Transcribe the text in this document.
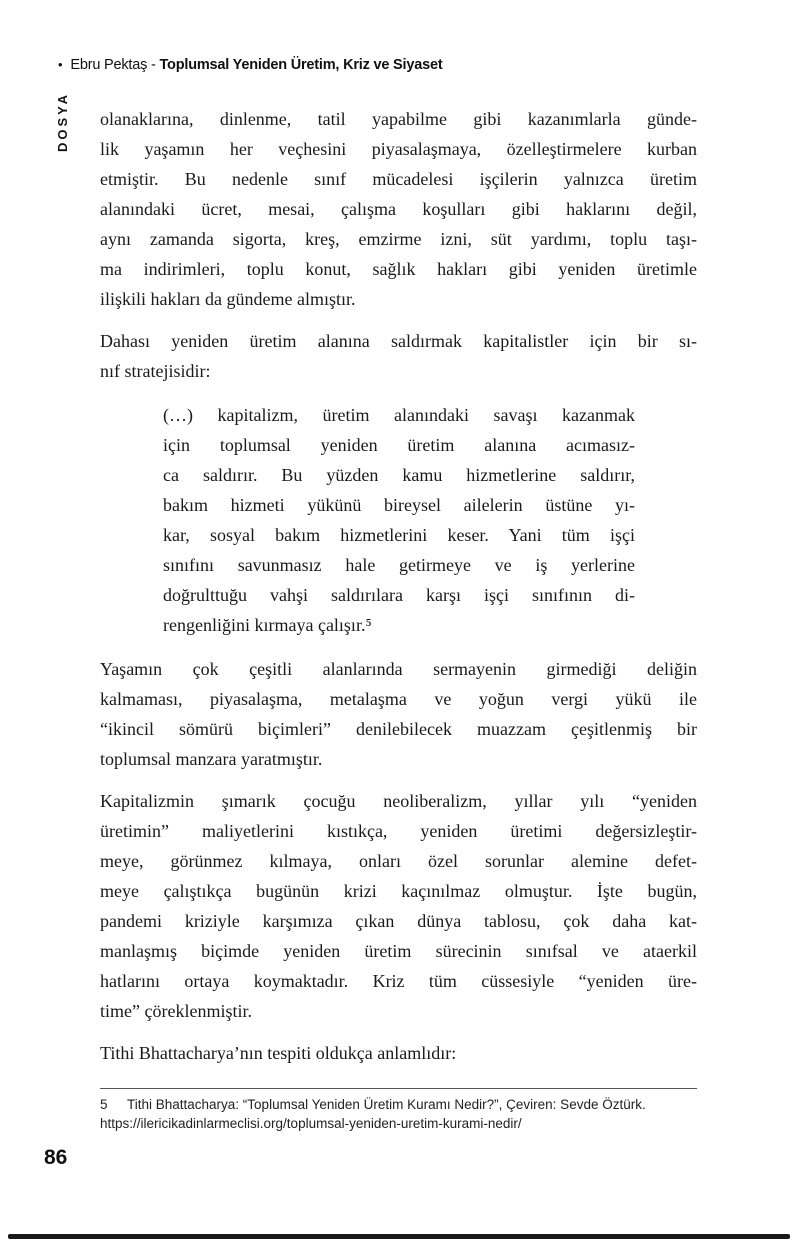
• Ebru Pektaş - Toplumsal Yeniden Üretim, Kriz ve Siyaset
DOSYA olanaklarına, dinlenme, tatil yapabilme gibi kazanımlarla günde-
lik yaşamın her veçhesini piyasalaşmaya, özelleştirmelere kurban
etmiştir. Bu nedenle sınıf mücadelesi işçilerin yalnızca üretim
alanındaki ücret, mesai, çalışma koşulları gibi haklarını değil,
aynı zamanda sigorta, kreş, emzirme izni, süt yardımı, toplu taşı-
ma indirimleri, toplu konut, sağlık hakları gibi yeniden üretimle
ilişkili hakları da gündeme almıştır.
Dahası yeniden üretim alanına saldırmak kapitalistler için bir sı-
nıf stratejisidir:
(…) kapitalizm, üretim alanındaki savaşı kazanmak
için toplumsal yeniden üretim alanına acımasız-
ca saldırır. Bu yüzden kamu hizmetlerine saldırır,
bakım hizmeti yükünü bireysel ailelerin üstüne yı-
kar, sosyal bakım hizmetlerini keser. Yani tüm işçi
sınıfını savunmasız hale getirmeye ve iş yerlerine
doğrulttuğu vahşi saldırılara karşı işçi sınıfının di-
rengenliğini kırmaya çalışır.⁵
Yaşamın çok çeşitli alanlarında sermayenin girmediği deliğin
kalmaması, piyasalaşma, metalaşma ve yoğun vergi yükü ile
“ikincil sömürü biçimleri” denilebilecek muazzam çeşitlenmiş bir
toplumsal manzara yaratmıştır.
Kapitalizmin şımarık çocuğu neoliberalizm, yıllar yılı “yeniden
üretimin” maliyetlerini kıstıkça, yeniden üretimi değersizleştir-
meye, görünmez kılmaya, onları özel sorunlar alemine defet-
meye çalıştıkça bugünün krizi kaçınılmaz olmuştur. İşte bugün,
pandemi kriziyle karşımıza çıkan dünya tablosu, çok daha kat-
manlaşmış biçimde yeniden üretim sürecinin sınıfsal ve ataerkil
hatlarını ortaya koymaktadır. Kriz tüm cüssesiyle “yeniden üre-
time” çöreklenmiştir.
Tithi Bhattacharya’nın tespiti oldukça anlamlıdır:
5 Tithi Bhattacharya: “Toplumsal Yeniden Üretim Kuramı Nedir?”, Çeviren: Sevde Öztürk.
https://ilericikadinlarmeclisi.org/toplumsal-yeniden-uretim-kurami-nedir/
86
